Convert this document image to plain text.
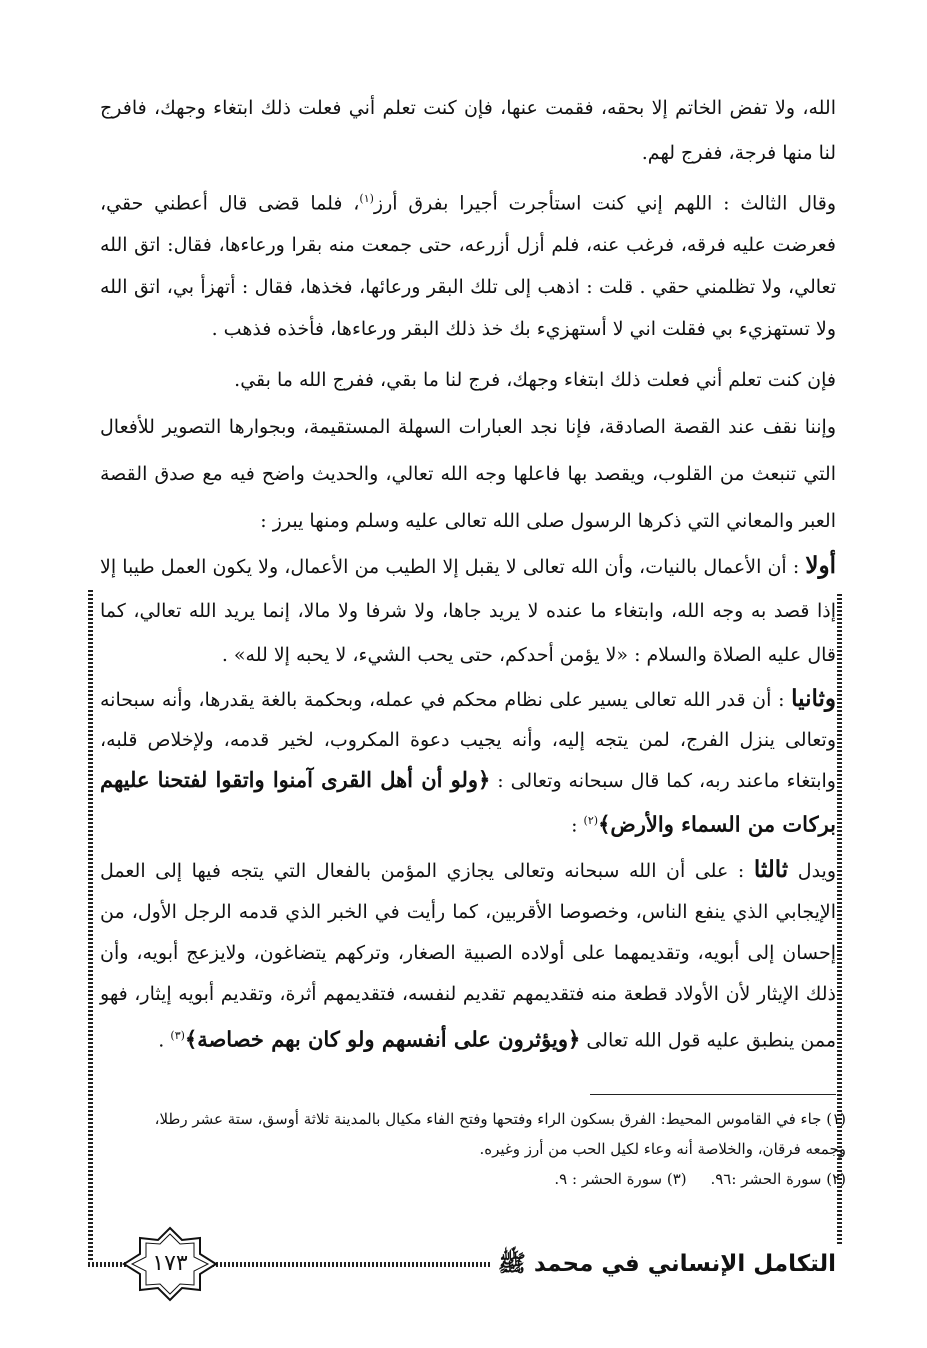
الله، ولا تفض الخاتم إلا بحقه، فقمت عنها، فإن كنت تعلم أني فعلت ذلك ابتغاء وجهك، فافرج لنا منها فرجة، ففرج لهم.

وقال الثالث : اللهم إني كنت استأجرت أجيرا بفرق أرز$^{(١)}$، فلما قضى قال أعطني حقي، فعرضت عليه فرقه، فرغب عنه، فلم أزل أزرعه، حتى جمعت منه بقرا ورعاءها، فقال: اتق الله تعالي، ولا تظلمني حقي . قلت : اذهب إلى تلك البقر ورعائها، فخذها، فقال : أتهزأ بي، اتق الله ولا تستهزيء بي فقلت اني لا أستهزيء بك خذ ذلك البقر ورعاءها، فأخذه فذهب .

فإن كنت تعلم أني فعلت ذلك ابتغاء وجهك، فرج لنا ما بقي، ففرج الله ما بقي.

وإننا نقف عند القصة الصادقة، فإنا نجد العبارات السهلة المستقيمة، وبجوارها التصوير للأفعال التي تنبعث من القلوب، ويقصد بها فاعلها وجه الله تعالي، والحديث واضح فيه مع صدق القصة العبر والمعاني التي ذكرها الرسول صلى الله تعالى عليه وسلم ومنها يبرز :

أولا : أن الأعمال بالنيات، وأن الله تعالى لا يقبل إلا الطيب من الأعمال، ولا يكون العمل طيبا إلا إذا قصد به وجه الله، وابتغاء ما عنده لا يريد جاها، ولا شرفا ولا مالا، إنما يريد الله تعالي، كما قال عليه الصلاة والسلام : «لا يؤمن أحدكم، حتى يحب الشيء، لا يحبه إلا لله» .

وثانيا : أن قدر الله تعالى يسير على نظام محكم في عمله، وبحكمة بالغة يقدرها، وأنه سبحانه وتعالى ينزل الفرج، لمن يتجه إليه، وأنه يجيب دعوة المكروب، لخير قدمه، ولإخلاص قلبه، وابتغاء ماعند ربه، كما قال سبحانه وتعالى : ﴿ولو أن أهل القرى آمنوا واتقوا لفتحنا عليهم بركات من السماء والأرض﴾$^{(٢)}$ :

ويدل ثالثا : على أن الله سبحانه وتعالى يجازي المؤمن بالفعال التي يتجه فيها إلى العمل الإيجابي الذي ينفع الناس، وخصوصا الأقربين، كما رأيت في الخبر الذي قدمه الرجل الأول، من إحسان إلى أبويه، وتقديمهما على أولاده الصبية الصغار، وتركهم يتضاغون، ولايزعج أبويه، وأن ذلك الإيثار لأن الأولاد قطعة منه فتقديمهم تقديم لنفسه، فتقديمهم أثرة، وتقديم أبويه إيثار، فهو ممن ينطبق عليه قول الله تعالى ﴿ويؤثرون على أنفسهم ولو كان بهم خصاصة﴾$^{(٣)}$ .

(١) جاء في القاموس المحيط: الفرق بسكون الراء وفتحها وفتح الفاء مكيال بالمدينة ثلاثة أوسق، ستة عشر رطلا، وجمعه فرقان، والخلاصة أنه وعاء لكيل الحب من أرز وغيره.
(٢) سورة الحشر :٩٦.     (٣) سورة الحشر : ٩.
التكامل الإنساني في محمد ﷺ
١٧٣
